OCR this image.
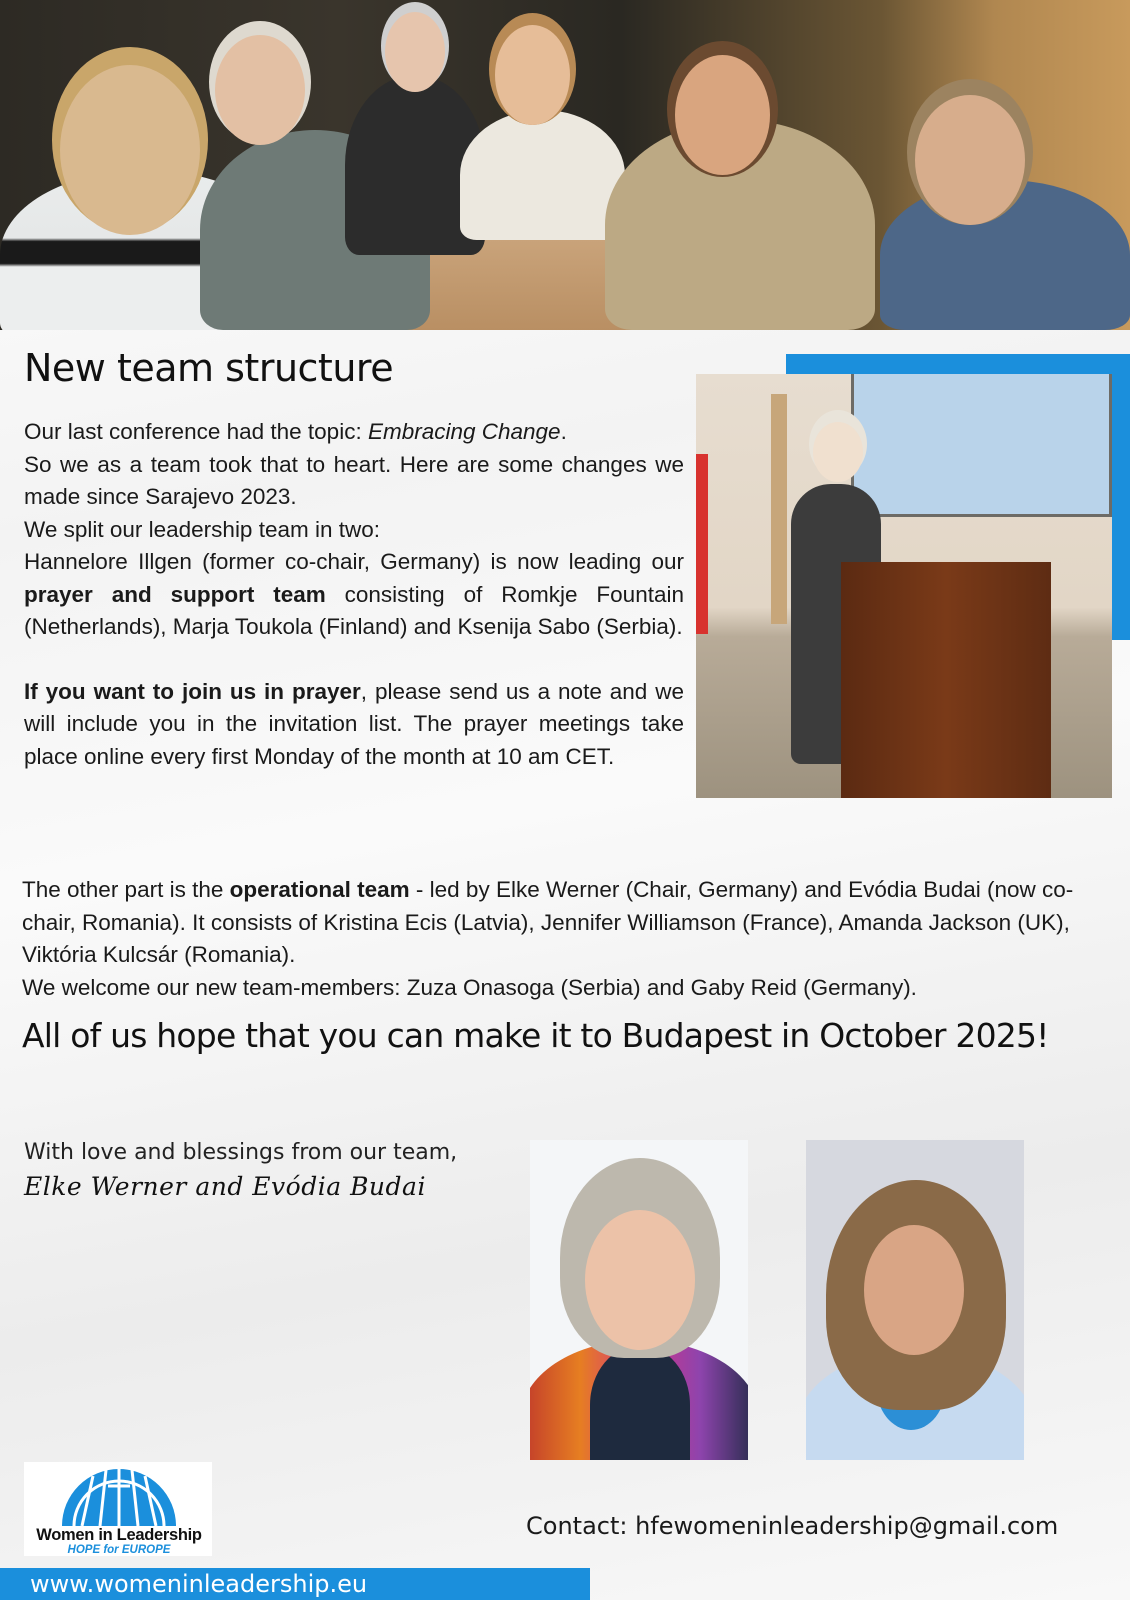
New team structure

Our last conference had the topic: Embracing Change.

So we as a team took that to heart. Here are some changes we made since Sarajevo 2023.

We split our leadership team in two:

Hannelore Illgen (former co-chair, Germany) is now leading our prayer and support team consisting of Romkje Fountain (Netherlands), Marja Toukola (Finland) and Ksenija Sabo (Serbia).

If you want to join us in prayer, please send us a note and we will include you in the invitation list. The prayer meetings take place online every first Monday of the month at 10 am CET.

The other part is the operational team - led by Elke Werner (Chair, Germany) and Evódia Budai (now co-chair, Romania). It consists of Kristina Ecis (Latvia), Jennifer Williamson (France), Amanda Jackson (UK), Viktória Kulcsár (Romania).

We welcome our new team-members: Zuza Onasoga (Serbia) and Gaby Reid (Germany).

All of us hope that you can make it to Budapest in October 2025!
With love and blessings from our team,
Elke Werner and Evódia Budai
Women in Leadership
HOPE for EUROPE
Contact: hfewomeninleadership@gmail.com
www.womeninleadership.eu
